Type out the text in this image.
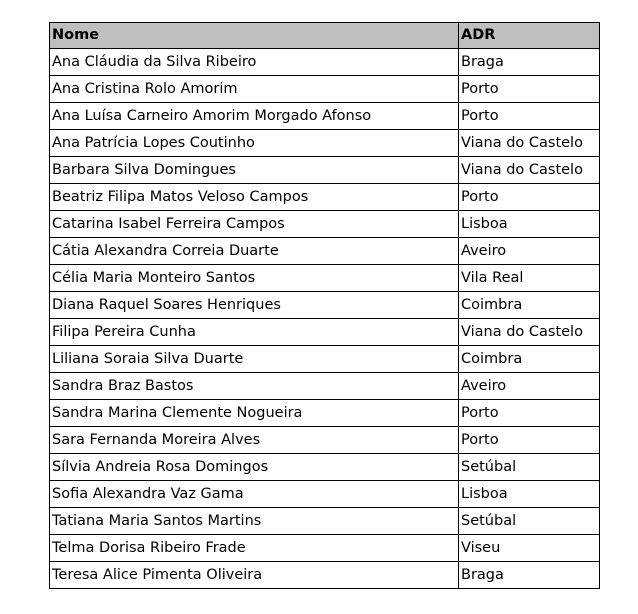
Nome	ADR
Ana Cláudia da Silva Ribeiro	Braga
Ana Cristina Rolo Amorim	Porto
Ana Luísa Carneiro Amorim Morgado Afonso	Porto
Ana Patrícia Lopes Coutinho	Viana do Castelo
Barbara Silva Domingues	Viana do Castelo
Beatriz Filipa Matos Veloso Campos	Porto
Catarina Isabel Ferreira Campos	Lisboa
Cátia Alexandra Correia Duarte	Aveiro
Célia Maria Monteiro Santos	Vila Real
Diana Raquel Soares Henriques	Coimbra
Filipa Pereira Cunha	Viana do Castelo
Liliana Soraia Silva Duarte	Coimbra
Sandra Braz Bastos	Aveiro
Sandra Marina Clemente Nogueira	Porto
Sara Fernanda Moreira Alves	Porto
Sílvia Andreia Rosa Domingos	Setúbal
Sofia Alexandra Vaz Gama	Lisboa
Tatiana Maria Santos Martins	Setúbal
Telma Dorisa Ribeiro Frade	Viseu
Teresa Alice Pimenta Oliveira	Braga
